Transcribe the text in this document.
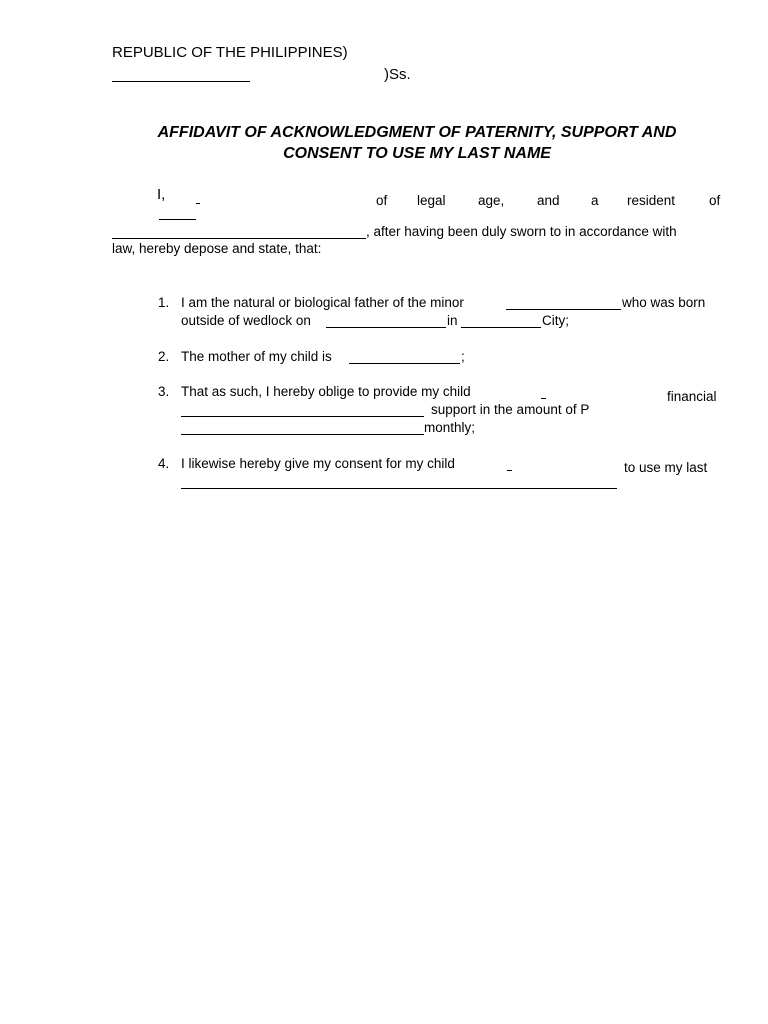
REPUBLIC OF THE PHILIPPINES)
)Ss.
AFFIDAVIT OF ACKNOWLEDGMENT OF PATERNITY, SUPPORT AND
CONSENT TO USE MY LAST NAME
I,	of legal age, and a resident	of
, after having been duly sworn to in accordance with
law, hereby depose and state, that:
1. I am the natural or biological father of the minor	who was born
outside of wedlock on	in	City;
2. The mother of my child is	;
3. That as such, I hereby oblige to provide my child	financial
support in the amount of P
monthly;
4. I likewise hereby give my consent for my child	to use my last
